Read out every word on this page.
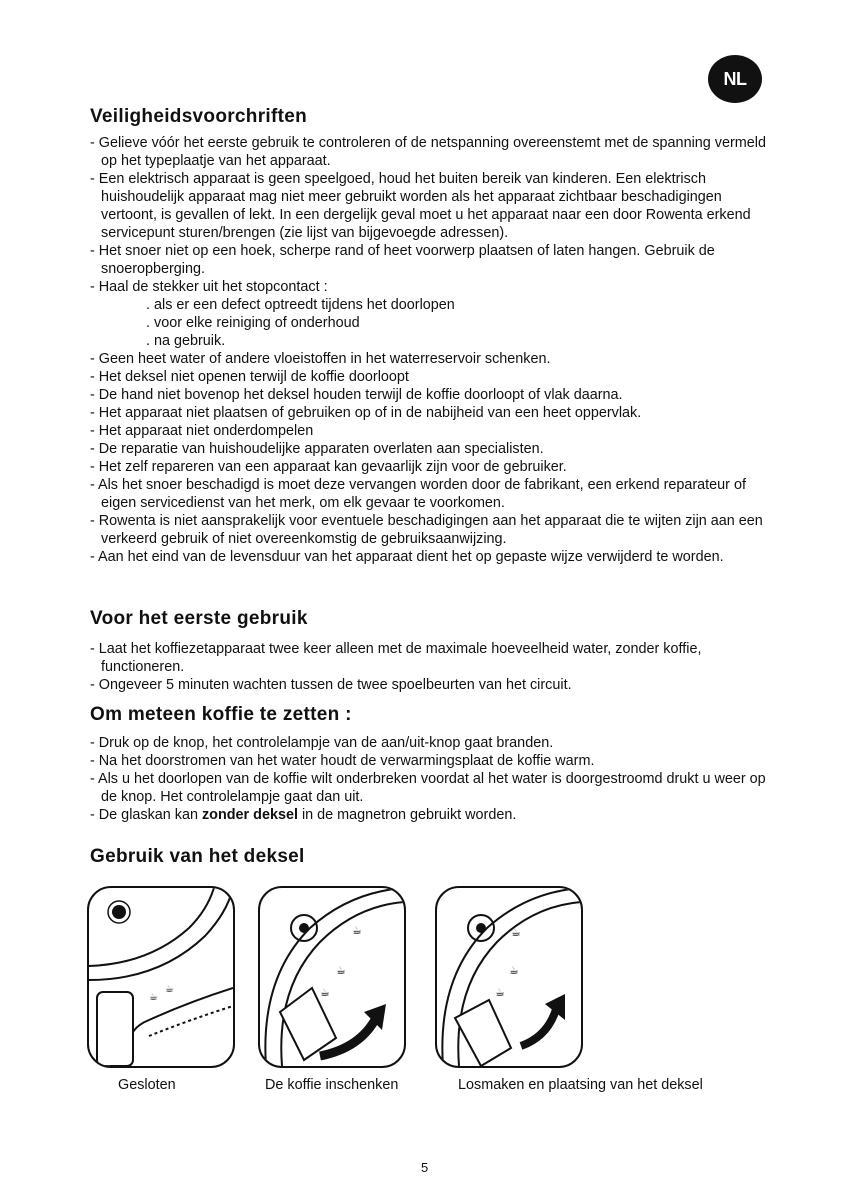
NL
Veiligheidsvoorchriften

- Gelieve vóór het eerste gebruik te controleren of de netspanning overeenstemt met de spanning vermeld op het typeplaatje van het apparaat.

- Een elektrisch apparaat is geen speelgoed, houd het buiten bereik van kinderen. Een elektrisch huishoudelijk apparaat mag niet meer gebruikt worden als het apparaat zichtbaar beschadigingen vertoont, is gevallen of lekt. In een dergelijk geval moet u het apparaat naar een door Rowenta erkend servicepunt sturen/brengen (zie lijst van bijgevoegde adressen).

- Het snoer niet op een hoek, scherpe rand of heet voorwerp plaatsen of laten hangen. Gebruik de snoeropberging.

- Haal de stekker uit het stopcontact :

. als er een defect optreedt tijdens het doorlopen

. voor elke reiniging of onderhoud

. na gebruik.

- Geen heet water of andere vloeistoffen in het waterreservoir schenken.

- Het deksel niet openen terwijl de koffie doorloopt

- De hand niet bovenop het deksel houden terwijl de koffie doorloopt of vlak daarna.

- Het apparaat niet plaatsen of gebruiken op of in de nabijheid van een heet oppervlak.

- Het apparaat niet onderdompelen

- De reparatie van huishoudelijke apparaten overlaten aan specialisten.

- Het zelf repareren van een apparaat kan gevaarlijk zijn voor de gebruiker.

- Als het snoer beschadigd is moet deze vervangen worden door de fabrikant, een erkend reparateur of eigen servicedienst van het merk, om elk gevaar te voorkomen.

- Rowenta is niet aansprakelijk voor eventuele beschadigingen aan het apparaat die te wijten zijn aan een verkeerd gebruik of niet overeenkomstig de gebruiksaanwijzing.

- Aan het eind van de levensduur van het apparaat dient het op gepaste wijze verwijderd te worden.

Voor het eerste gebruik

- Laat het koffiezetapparaat twee keer alleen met de maximale hoeveelheid water, zonder koffie, functioneren.

- Ongeveer 5 minuten wachten tussen de twee spoelbeurten van het circuit.

Om meteen koffie te zetten :

- Druk op de knop, het controlelampje van de aan/uit-knop gaat branden.

- Na het doorstromen van het water houdt de verwarmingsplaat de koffie warm.

- Als u het doorlopen van de koffie wilt onderbreken voordat al het water is doorgestroomd drukt u weer op de knop. Het controlelampje gaat dan uit.

- De glaskan kan zonder deksel in de magnetron gebruikt worden.

Gebruik van het deksel
☕
☕
☕
☕
☕
☕
☕
☕
Gesloten	De koffie inschenken	Losmaken en plaatsing van het deksel
5
